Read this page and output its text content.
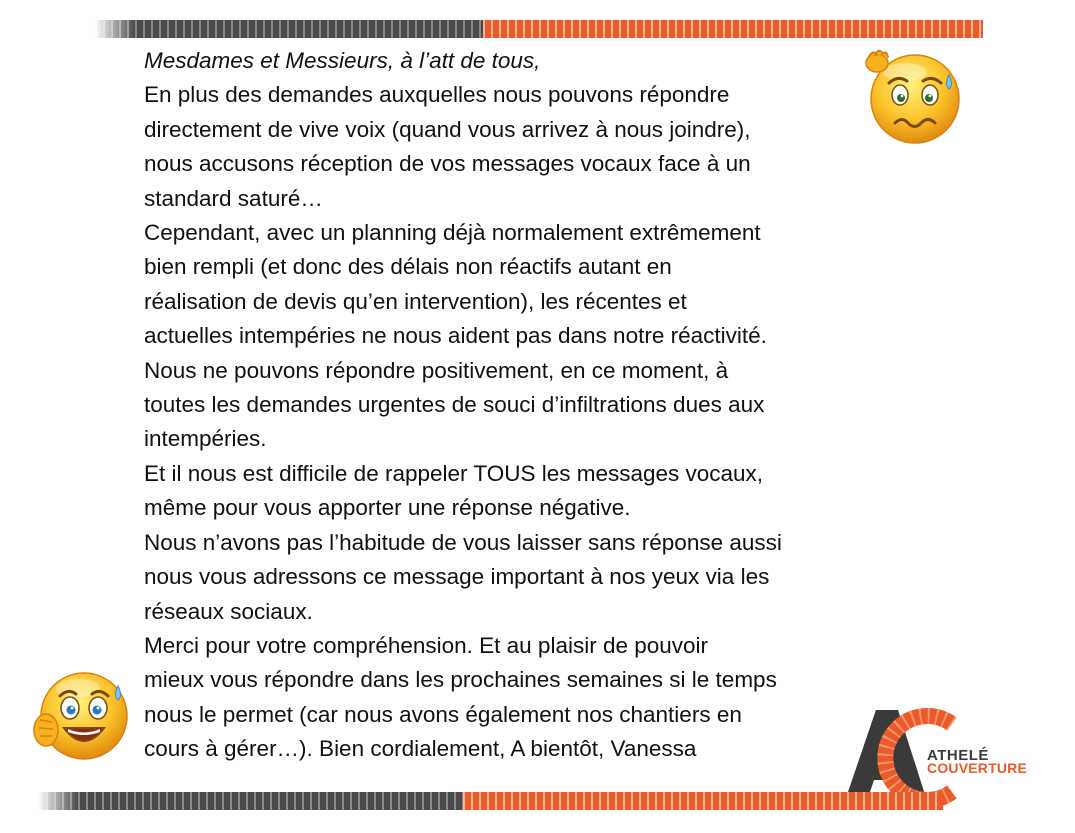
Mesdames et Messieurs, à l’att de tous,
En plus des demandes auxquelles nous pouvons répondre
directement de vive voix (quand vous arrivez à nous joindre),
nous accusons réception de vos messages vocaux face à un
standard saturé…
Cependant, avec un planning déjà normalement extrêmement
bien rempli (et donc des délais non réactifs autant en
réalisation de devis qu’en intervention), les récentes et
actuelles intempéries ne nous aident pas dans notre réactivité.
Nous ne pouvons répondre positivement, en ce moment, à
toutes les demandes urgentes de souci d’infiltrations dues aux
intempéries.
Et il nous est difficile de rappeler TOUS les messages vocaux,
même pour vous apporter une réponse négative.
Nous n’avons pas l’habitude de vous laisser sans réponse aussi
nous vous adressons ce message important à nos yeux via les
réseaux sociaux.
Merci pour votre compréhension. Et au plaisir de pouvoir
mieux vous répondre dans les prochaines semaines si le temps
nous le permet (car nous avons également nos chantiers en
cours à gérer…). Bien cordialement, A bientôt, Vanessa	ATHELÉ
COUVERTURE
